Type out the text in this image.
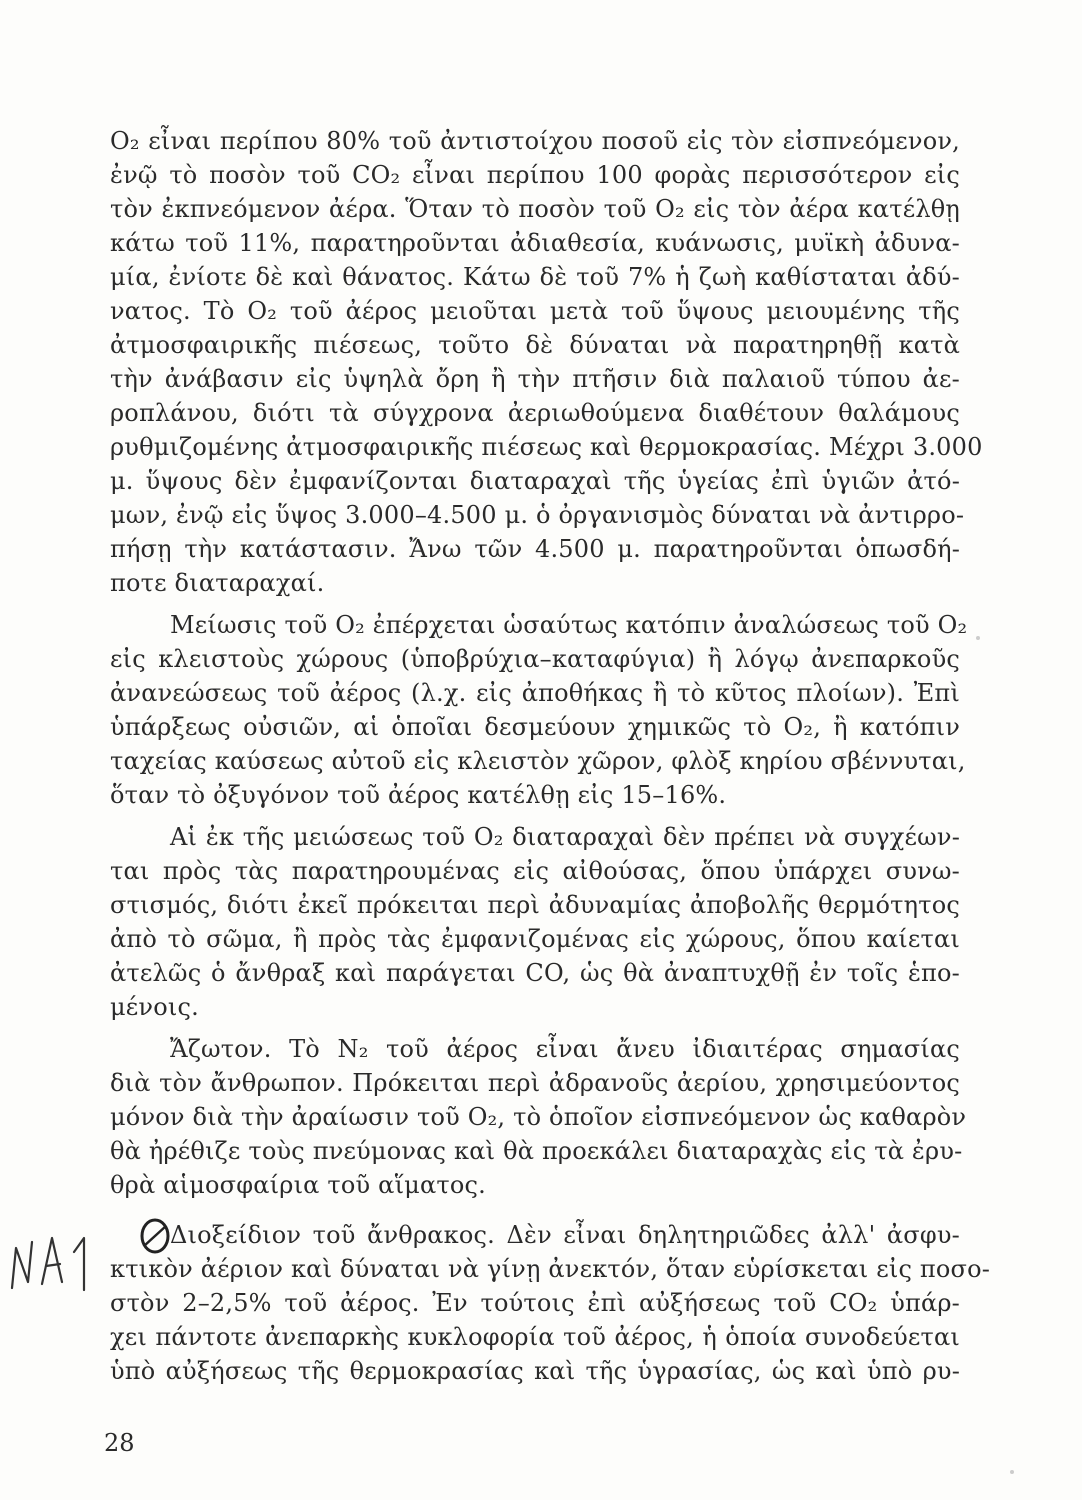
O₂ εἶναι περίπου 80% τοῦ ἀντιστοίχου ποσοῦ εἰς τὸν εἰσπνεόμενον,
ἐνῷ τὸ ποσὸν τοῦ CO₂ εἶναι περίπου 100 φορὰς περισσότερον εἰς
τὸν ἐκπνεόμενον ἀέρα. Ὅταν τὸ ποσὸν τοῦ O₂ εἰς τὸν ἀέρα κατέλθῃ
κάτω τοῦ 11%, παρατηροῦνται ἀδιαθεσία, κυάνωσις, μυϊκὴ ἀδυνα-
μία, ἐνίοτε δὲ καὶ θάνατος. Κάτω δὲ τοῦ 7% ἡ ζωὴ καθίσταται ἀδύ-
νατος. Τὸ O₂ τοῦ ἀέρος μειοῦται μετὰ τοῦ ὕψους μειουμένης τῆς
ἀτμοσφαιρικῆς πιέσεως, τοῦτο δὲ δύναται νὰ παρατηρηθῇ κατὰ
τὴν ἀνάβασιν εἰς ὑψηλὰ ὄρη ἢ τὴν πτῆσιν διὰ παλαιοῦ τύπου ἀε-
ροπλάνου, διότι τὰ σύγχρονα ἀεριωθούμενα διαθέτουν θαλάμους
ρυθμιζομένης ἀτμοσφαιρικῆς πιέσεως καὶ θερμοκρασίας. Μέχρι 3.000
μ. ὕψους δὲν ἐμφανίζονται διαταραχαὶ τῆς ὑγείας ἐπὶ ὑγιῶν ἀτό-
μων, ἐνῷ εἰς ὕψος 3.000–4.500 μ. ὁ ὀργανισμὸς δύναται νὰ ἀντιρρο-
πήσῃ τὴν κατάστασιν. Ἄνω τῶν 4.500 μ. παρατηροῦνται ὁπωσδή-
ποτε διαταραχαί.
Μείωσις τοῦ O₂ ἐπέρχεται ὡσαύτως κατόπιν ἀναλώσεως τοῦ O₂
εἰς κλειστοὺς χώρους (ὑποβρύχια–καταφύγια) ἢ λόγῳ ἀνεπαρκοῦς
ἀνανεώσεως τοῦ ἀέρος (λ.χ. εἰς ἀποθήκας ἢ τὸ κῦτος πλοίων). Ἐπὶ
ὑπάρξεως οὐσιῶν, αἱ ὁποῖαι δεσμεύουν χημικῶς τὸ O₂, ἢ κατόπιν
ταχείας καύσεως αὐτοῦ εἰς κλειστὸν χῶρον, φλὸξ κηρίου σβέννυται,
ὅταν τὸ ὀξυγόνον τοῦ ἀέρος κατέλθῃ εἰς 15–16%.
Αἱ ἐκ τῆς μειώσεως τοῦ O₂ διαταραχαὶ δὲν πρέπει νὰ συγχέων-
ται πρὸς τὰς παρατηρουμένας εἰς αἰθούσας, ὅπου ὑπάρχει συνω-
στισμός, διότι ἐκεῖ πρόκειται περὶ ἀδυναμίας ἀποβολῆς θερμότητος
ἀπὸ τὸ σῶμα, ἢ πρὸς τὰς ἐμφανιζομένας εἰς χώρους, ὅπου καίεται
ἀτελῶς ὁ ἄνθραξ καὶ παράγεται CO, ὡς θὰ ἀναπτυχθῇ ἐν τοῖς ἑπο-
μένοις.
Ἄζωτον. Τὸ N₂ τοῦ ἀέρος εἶναι ἄνευ ἰδιαιτέρας σημασίας
διὰ τὸν ἄνθρωπον. Πρόκειται περὶ ἀδρανοῦς ἀερίου, χρησιμεύοντος
μόνον διὰ τὴν ἀραίωσιν τοῦ O₂, τὸ ὁποῖον εἰσπνεόμενον ὡς καθαρὸν
θὰ ἠρέθιζε τοὺς πνεύμονας καὶ θὰ προεκάλει διαταραχὰς εἰς τὰ ἐρυ-
θρὰ αἱμοσφαίρια τοῦ αἵματος.
Διοξείδιον τοῦ ἄνθρακος. Δὲν εἶναι δηλητηριῶδες ἀλλ' ἀσφυ-
κτικὸν ἀέριον καὶ δύναται νὰ γίνῃ ἀνεκτόν, ὅταν εὑρίσκεται εἰς ποσο-
στὸν 2–2,5% τοῦ ἀέρος. Ἐν τούτοις ἐπὶ αὐξήσεως τοῦ CO₂ ὑπάρ-
χει πάντοτε ἀνεπαρκὴς κυκλοφορία τοῦ ἀέρος, ἡ ὁποία συνοδεύεται
ὑπὸ αὐξήσεως τῆς θερμοκρασίας καὶ τῆς ὑγρασίας, ὡς καὶ ὑπὸ ρυ-
28
